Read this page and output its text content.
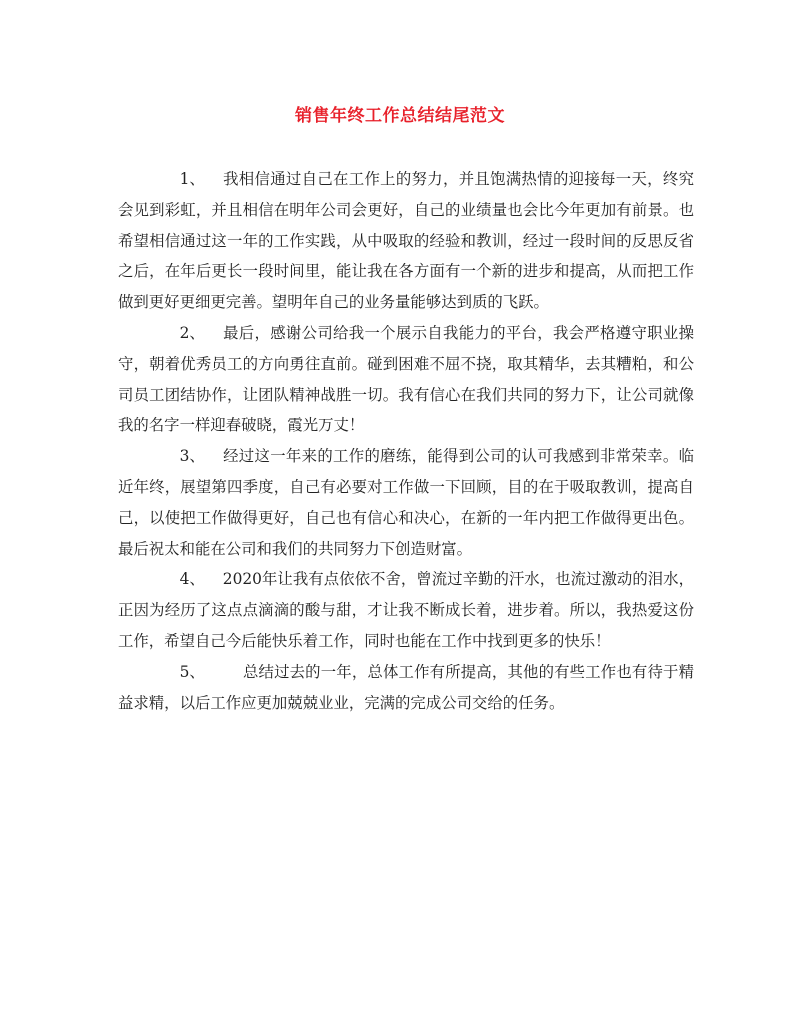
销售年终工作总结结尾范文

1、 我相信通过自己在工作上的努力，并且饱满热情的迎接每一天，终究会见到彩虹，并且相信在明年公司会更好，自己的业绩量也会比今年更加有前景。也希望相信通过这一年的工作实践，从中吸取的经验和教训，经过一段时间的反思反省之后，在年后更长一段时间里，能让我在各方面有一个新的进步和提高，从而把工作做到更好更细更完善。望明年自己的业务量能够达到质的飞跃。

2、 最后，感谢公司给我一个展示自我能力的平台，我会严格遵守职业操守，朝着优秀员工的方向勇往直前。碰到困难不屈不挠，取其精华，去其糟粕，和公司员工团结协作，让团队精神战胜一切。我有信心在我们共同的努力下，让公司就像我的名字一样迎春破晓，霞光万丈！

3、 经过这一年来的工作的磨练，能得到公司的认可我感到非常荣幸。临近年终，展望第四季度，自己有必要对工作做一下回顾，目的在于吸取教训，提高自己，以使把工作做得更好，自己也有信心和决心，在新的一年内把工作做得更出色。最后祝太和能在公司和我们的共同努力下创造财富。

4、 2020年让我有点依依不舍，曾流过辛勤的汗水，也流过激动的泪水，正因为经历了这点点滴滴的酸与甜，才让我不断成长着，进步着。所以，我热爱这份工作，希望自己今后能快乐着工作，同时也能在工作中找到更多的快乐！

5、 总结过去的一年，总体工作有所提高，其他的有些工作也有待于精益求精，以后工作应更加兢兢业业，完满的完成公司交给的任务。
